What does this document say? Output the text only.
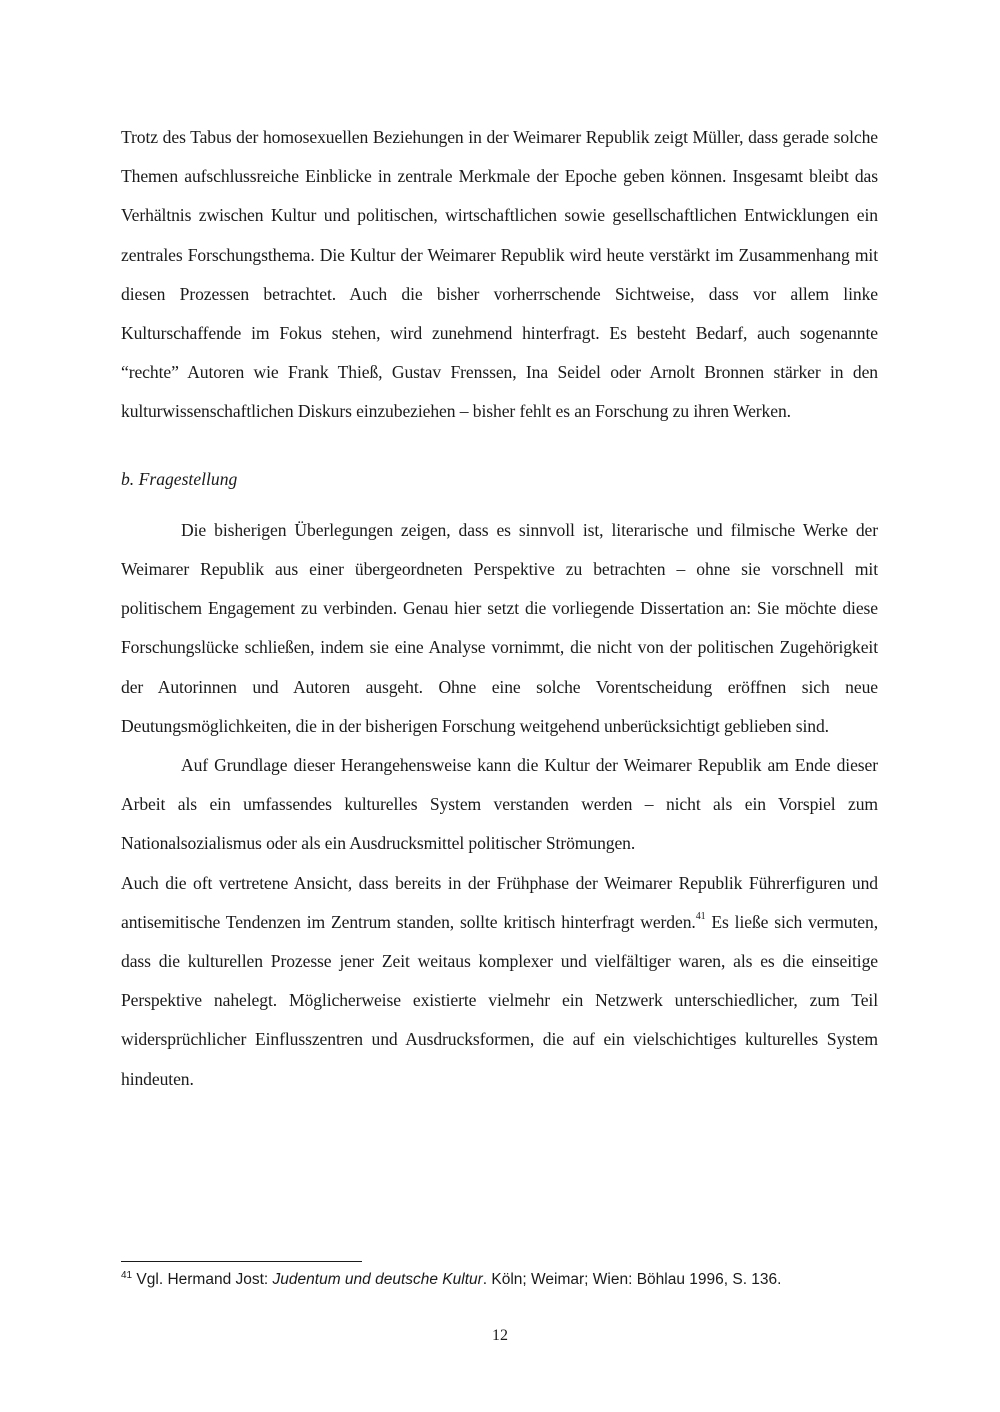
Trotz des Tabus der homosexuellen Beziehungen in der Weimarer Republik zeigt Müller, dass gerade solche Themen aufschlussreiche Einblicke in zentrale Merkmale der Epoche geben können. Insgesamt bleibt das Verhältnis zwischen Kultur und politischen, wirtschaftlichen sowie gesellschaftlichen Entwicklungen ein zentrales Forschungsthema. Die Kultur der Weimarer Republik wird heute verstärkt im Zusammenhang mit diesen Prozessen betrachtet. Auch die bisher vorherrschende Sichtweise, dass vor allem linke Kulturschaffende im Fokus stehen, wird zunehmend hinterfragt. Es besteht Bedarf, auch sogenannte “rechte” Autoren wie Frank Thieß, Gustav Frenssen, Ina Seidel oder Arnolt Bronnen stärker in den kulturwissenschaftlichen Diskurs einzubeziehen – bisher fehlt es an Forschung zu ihren Werken.

b. Fragestellung

Die bisherigen Überlegungen zeigen, dass es sinnvoll ist, literarische und filmische Werke der Weimarer Republik aus einer übergeordneten Perspektive zu betrachten – ohne sie vorschnell mit politischem Engagement zu verbinden. Genau hier setzt die vorliegende Dissertation an: Sie möchte diese Forschungslücke schließen, indem sie eine Analyse vornimmt, die nicht von der politischen Zugehörigkeit der Autorinnen und Autoren ausgeht. Ohne eine solche Vorentscheidung eröffnen sich neue Deutungsmöglichkeiten, die in der bisherigen Forschung weitgehend unberücksichtigt geblieben sind.

Auf Grundlage dieser Herangehensweise kann die Kultur der Weimarer Republik am Ende dieser Arbeit als ein umfassendes kulturelles System verstanden werden – nicht als ein Vorspiel zum Nationalsozialismus oder als ein Ausdrucksmittel politischer Strömungen.

Auch die oft vertretene Ansicht, dass bereits in der Frühphase der Weimarer Republik Führerfiguren und antisemitische Tendenzen im Zentrum standen, sollte kritisch hinterfragt werden.$^{41}$ Es ließe sich vermuten, dass die kulturellen Prozesse jener Zeit weitaus komplexer und vielfältiger waren, als es die einseitige Perspektive nahelegt. Möglicherweise existierte vielmehr ein Netzwerk unterschiedlicher, zum Teil widersprüchlicher Einflusszentren und Ausdrucksformen, die auf ein vielschichtiges kulturelles System hindeuten.

$^{41}$ Vgl. Hermand Jost: Judentum und deutsche Kultur. Köln; Weimar; Wien: Böhlau 1996, S. 136.
12
